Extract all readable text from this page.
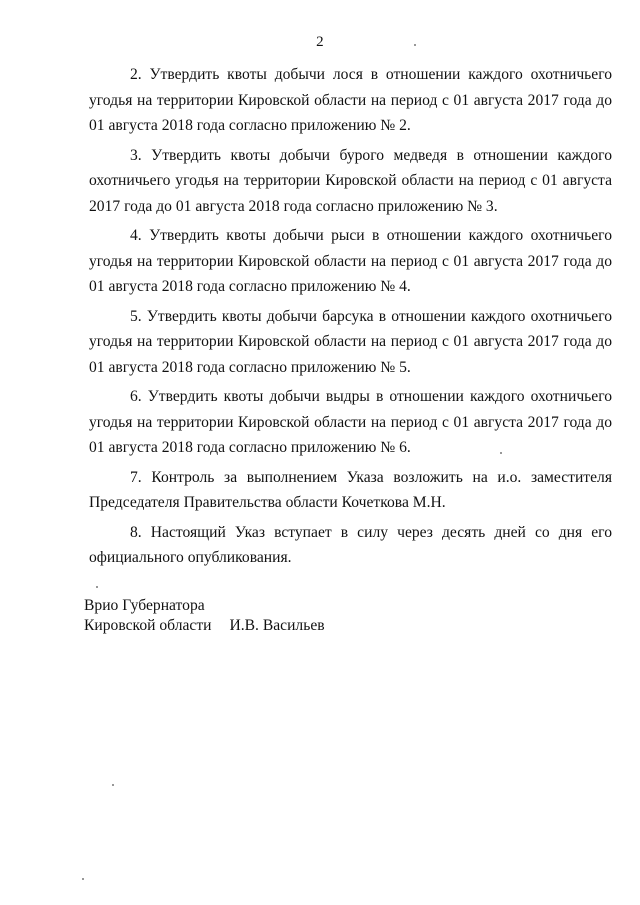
2

2. Утвердить квоты добычи лося в отношении каждого охотничьего угодья на территории Кировской области на период с 01 августа 2017 года до 01 августа 2018 года согласно приложению № 2.

3. Утвердить квоты добычи бурого медведя в отношении каждого охотничьего угодья на территории Кировской области на период с 01 августа 2017 года до 01 августа 2018 года согласно приложению № 3.

4. Утвердить квоты добычи рыси в отношении каждого охотничьего угодья на территории Кировской области на период с 01 августа 2017 года до 01 августа 2018 года согласно приложению № 4.

5. Утвердить квоты добычи барсука в отношении каждого охотничьего угодья на территории Кировской области на период с 01 августа 2017 года до 01 августа 2018 года согласно приложению № 5.

6. Утвердить квоты добычи выдры в отношении каждого охотничьего угодья на территории Кировской области на период с 01 августа 2017 года до 01 августа 2018 года согласно приложению № 6.

7. Контроль за выполнением Указа возложить на и.о. заместителя Председателя Правительства области Кочеткова М.Н.

8. Настоящий Указ вступает в силу через десять дней со дня его официального опубликования.

Врио Губернатора
Кировской области И.В. Васильев
